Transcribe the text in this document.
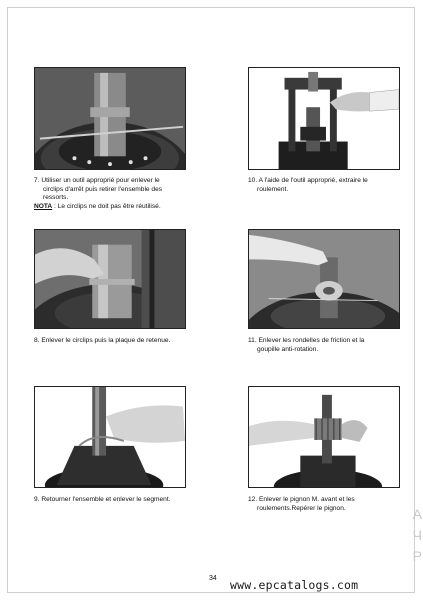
7. Utiliser un outil approprié pour enlever le
circlips d'arrêt puis retirer l'ensemble des
ressorts.
NOTA : Le circlips ne doit pas être réutilisé.

10. A l'aide de l'outil approprié, extraire le
roulement.

8. Enlever le circlips puis la plaque de retenue.	11. Enlever les rondelles de friction et la
goupille anti-rotation.

9. Retourner l'ensemble et enlever le segment.	12. Enlever le pignon M. avant et les
roulements.Repérer le pignon.

34 www.epcatalogs.com
A
Ч
Р
